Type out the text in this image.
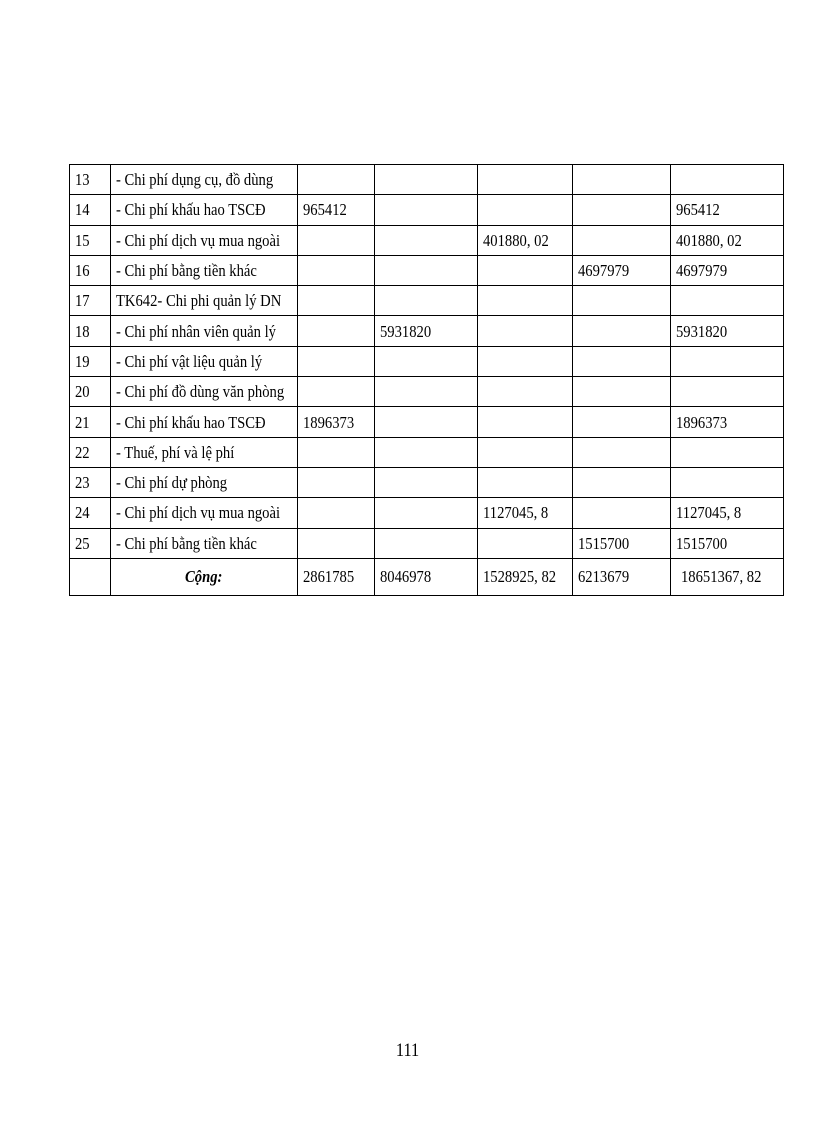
13	- Chi phí dụng cụ, đồ dùng					
14	- Chi phí khấu hao TSCĐ	965412				965412
15	- Chi phí dịch vụ mua ngoài			401880, 02		401880, 02
16	- Chi phí bằng tiền khác				4697979	4697979
17	TK642- Chi phi quản lý DN					
18	- Chi phí nhân viên quản lý		5931820			5931820
19	- Chi phí vật liệu quản lý					
20	- Chi phí đồ dùng văn phòng					
21	- Chi phí khấu hao TSCĐ	1896373				1896373
22	- Thuế, phí và lệ phí					
23	- Chi phí dự phòng					
24	- Chi phí dịch vụ mua ngoài			1127045, 8		1127045, 8
25	- Chi phí bằng tiền khác				1515700	1515700
	Cộng:	2861785	8046978	1528925, 82	6213679	18651367, 82
111
